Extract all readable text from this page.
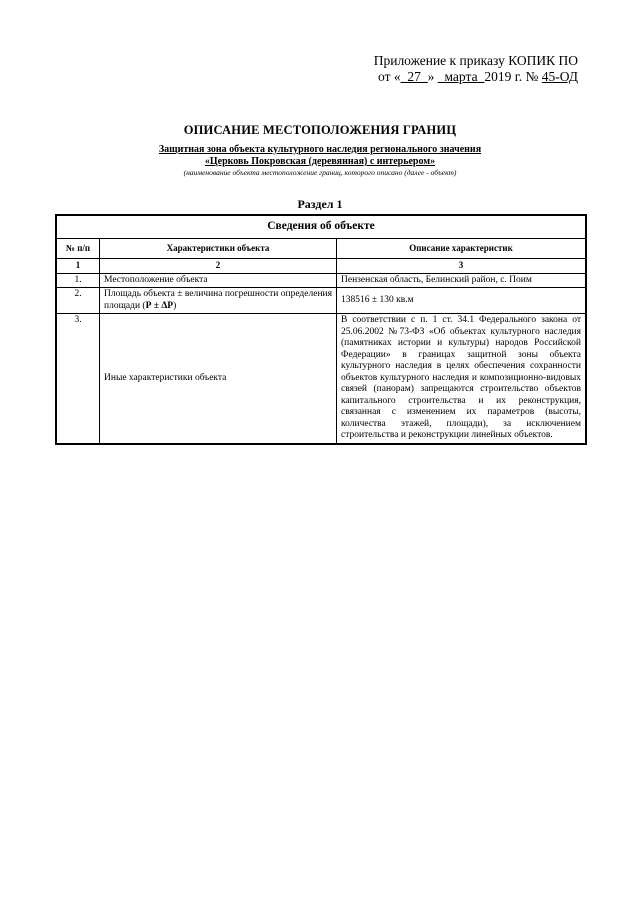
Приложение к приказу КОПИК ПО
от «_27_» _марта_2019 г. № 45-ОД
ОПИСАНИЕ МЕСТОПОЛОЖЕНИЯ ГРАНИЦ
Защитная зона объекта культурного наследия регионального значения
«Церковь Покровская (деревянная) с интерьером»
(наименование объекта местоположение границ, которого описано (далее - объект)
Раздел 1
Сведения об объекте		
№ п/п	Характеристики объекта	Описание характеристик
1	2	3
1.	Местоположение объекта	Пензенская область, Белинский район, с. Поим
2.	Площадь объекта ± величина погрешности определения площади (Р ± ΔР)	138516 ± 130 кв.м
3.	Иные характеристики объекта	В соответствии с п. 1 ст. 34.1 Федерального закона от 25.06.2002 №73-ФЗ «Об объектах культурного наследия (памятниках истории и культуры) народов Российской Федерации» в границах защитной зоны объекта культурного наследия в целях обеспечения сохранности объектов культурного наследия и композиционно-видовых связей (панорам) запрещаются строительство объектов капитального строительства и их реконструкция, связанная с изменением их параметров (высоты, количества этажей, площади), за исключением строительства и реконструкции линейных объектов.
